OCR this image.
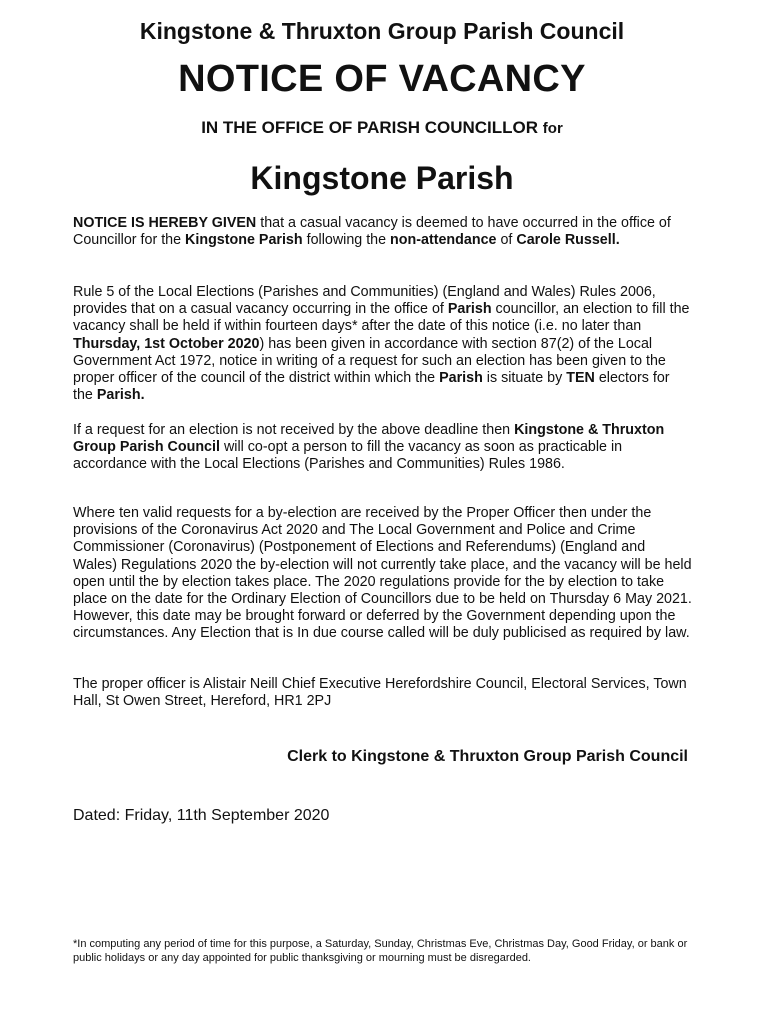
Kingstone & Thruxton Group Parish Council
NOTICE OF VACANCY
IN THE OFFICE OF PARISH COUNCILLOR for
Kingstone Parish

NOTICE IS HEREBY GIVEN that a casual vacancy is deemed to have occurred in the office of Councillor for the Kingstone Parish following the non-attendance of Carole Russell.

Rule 5 of the Local Elections (Parishes and Communities) (England and Wales) Rules 2006, provides that on a casual vacancy occurring in the office of Parish councillor, an election to fill the vacancy shall be held if within fourteen days* after the date of this notice (i.e. no later than Thursday, 1st October 2020) has been given in accordance with section 87(2) of the Local Government Act 1972, notice in writing of a request for such an election has been given to the proper officer of the council of the district within which the Parish is situate by TEN electors for the Parish.

If a request for an election is not received by the above deadline then Kingstone & Thruxton Group Parish Council will co-opt a person to fill the vacancy as soon as practicable in accordance with the Local Elections (Parishes and Communities) Rules 1986.

Where ten valid requests for a by-election are received by the Proper Officer then under the provisions of the Coronavirus Act 2020 and The Local Government and Police and Crime Commissioner (Coronavirus) (Postponement of Elections and Referendums) (England and Wales) Regulations 2020 the by-election will not currently take place, and the vacancy will be held open until the by election takes place. The 2020 regulations provide for the by election to take place on the date for the Ordinary Election of Councillors due to be held on Thursday 6 May 2021. However, this date may be brought forward or deferred by the Government depending upon the circumstances. Any Election that is In due course called will be duly publicised as required by law.

The proper officer is Alistair Neill Chief Executive Herefordshire Council, Electoral Services, Town Hall, St Owen Street, Hereford, HR1 2PJ

Clerk to Kingstone & Thruxton Group Parish Council
Dated: Friday, 11th September 2020

*In computing any period of time for this purpose, a Saturday, Sunday, Christmas Eve, Christmas Day, Good Friday, or bank or public holidays or any day appointed for public thanksgiving or mourning must be disregarded.
